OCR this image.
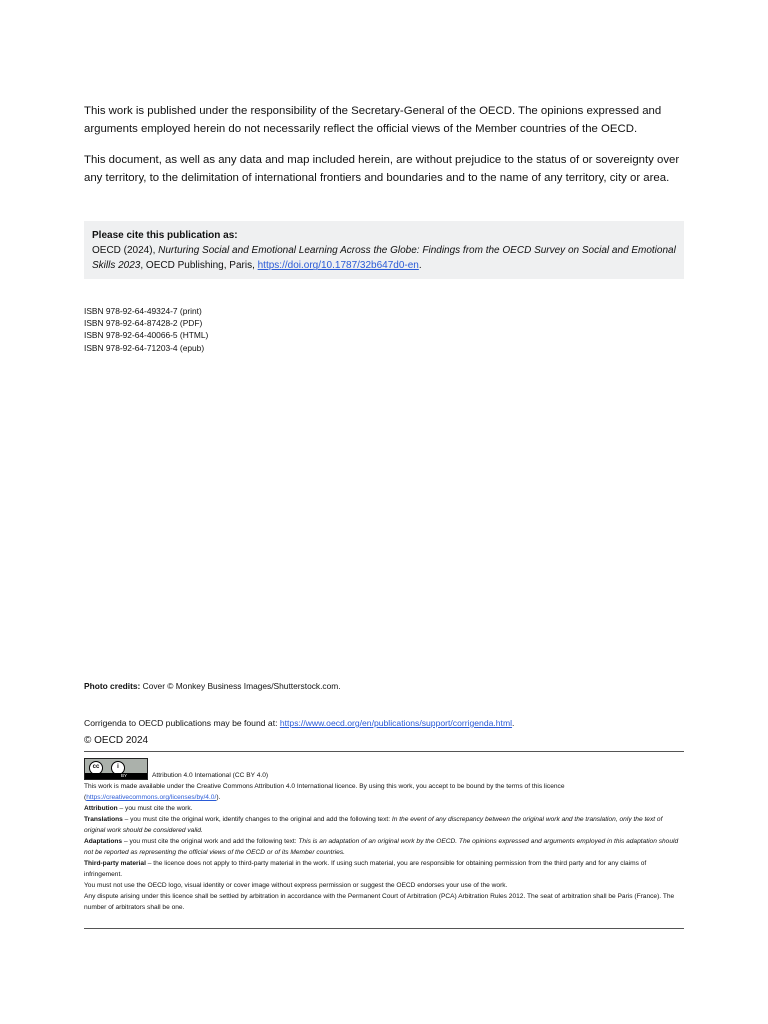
This work is published under the responsibility of the Secretary-General of the OECD. The opinions expressed and arguments employed herein do not necessarily reflect the official views of the Member countries of the OECD.

This document, as well as any data and map included herein, are without prejudice to the status of or sovereignty over any territory, to the delimitation of international frontiers and boundaries and to the name of any territory, city or area.

Please cite this publication as:
OECD (2024), Nurturing Social and Emotional Learning Across the Globe: Findings from the OECD Survey on Social and Emotional Skills 2023, OECD Publishing, Paris, https://doi.org/10.1787/32b647d0-en.
ISBN 978-92-64-49324-7 (print)
ISBN 978-92-64-87428-2 (PDF)
ISBN 978-92-64-40066-5 (HTML)
ISBN 978-92-64-71203-4 (epub)
Photo credits: Cover © Monkey Business Images/Shutterstock.com.
Corrigenda to OECD publications may be found at: https://www.oecd.org/en/publications/support/corrigenda.html.
© OECD 2024
cc	i
BY	Attribution 4.0 International (CC BY 4.0)
This work is made available under the Creative Commons Attribution 4.0 International licence. By using this work, you accept to be bound by the terms of this licence (https://creativecommons.org/licenses/by/4.0/).
Attribution – you must cite the work.
Translations – you must cite the original work, identify changes to the original and add the following text: In the event of any discrepancy between the original work and the translation, only the text of original work should be considered valid.
Adaptations – you must cite the original work and add the following text: This is an adaptation of an original work by the OECD. The opinions expressed and arguments employed in this adaptation should not be reported as representing the official views of the OECD or of its Member countries.
Third-party material – the licence does not apply to third-party material in the work. If using such material, you are responsible for obtaining permission from the third party and for any claims of infringement.
You must not use the OECD logo, visual identity or cover image without express permission or suggest the OECD endorses your use of the work.
Any dispute arising under this licence shall be settled by arbitration in accordance with the Permanent Court of Arbitration (PCA) Arbitration Rules 2012. The seat of arbitration shall be Paris (France). The number of arbitrators shall be one.
